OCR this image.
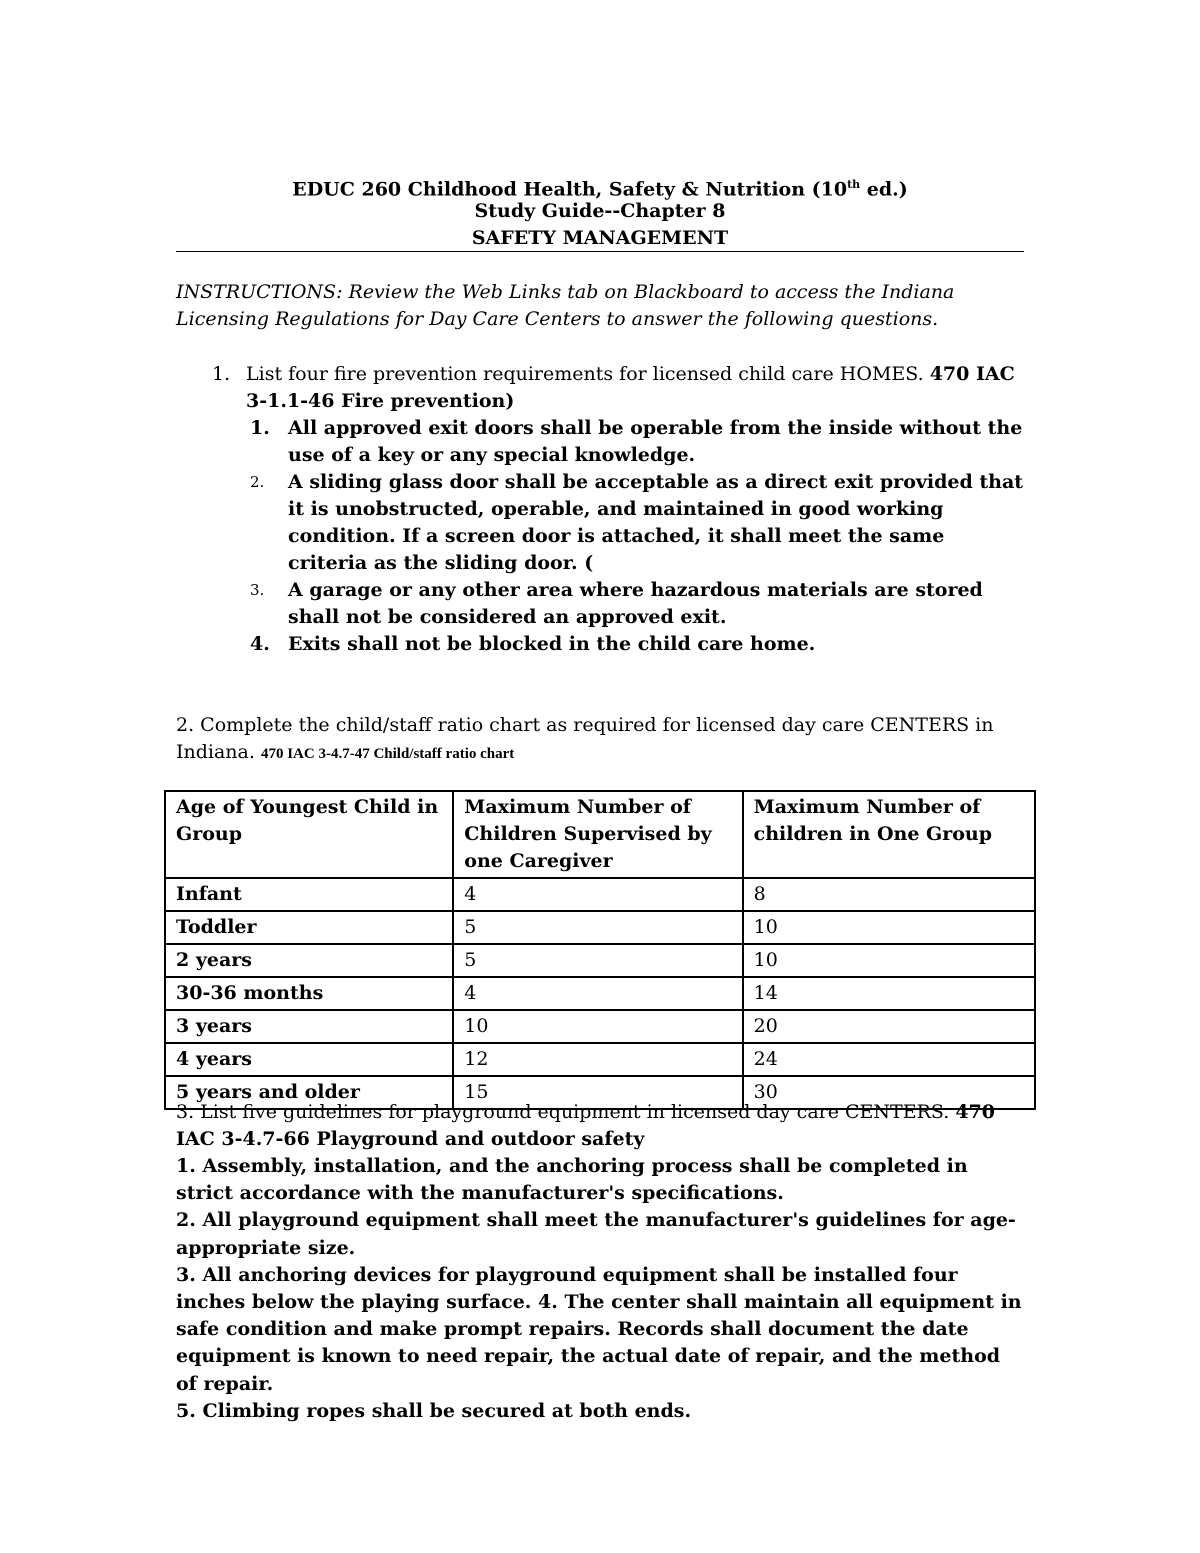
EDUC 260 Childhood Health, Safety & Nutrition (10th ed.)
Study Guide--Chapter 8
SAFETY MANAGEMENT
INSTRUCTIONS: Review the Web Links tab on Blackboard to access the Indiana Licensing Regulations for Day Care Centers to answer the following questions.
1. List four fire prevention requirements for licensed child care HOMES. 470 IAC 3-1.1-46 Fire prevention)
1. All approved exit doors shall be operable from the inside without the use of a key or any special knowledge.
2.	A sliding glass door shall be acceptable as a direct exit provided that it is unobstructed, operable, and maintained in good working condition. If a screen door is attached, it shall meet the same criteria as the sliding door. (
3.	A garage or any other area where hazardous materials are stored shall not be considered an approved exit.
4. Exits shall not be blocked in the child care home.
2. Complete the child/staff ratio chart as required for licensed day care CENTERS in Indiana. 470 IAC 3-4.7-47 Child/staff ratio chart
Age of Youngest Child in Group	Maximum Number of Children Supervised by one Caregiver	Maximum Number of children in One Group
Infant	4	8
Toddler	5	10
2 years	5	10
30-36 months	4	14
3 years	10	20
4 years	12	24
5 years and older	15	30
3. List five guidelines for playground equipment in licensed day care CENTERS. 470 IAC 3-4.7-66 Playground and outdoor safety
1. Assembly, installation, and the anchoring process shall be completed in strict accordance with the manufacturer's specifications.
2. All playground equipment shall meet the manufacturer's guidelines for age-appropriate size.
3. All anchoring devices for playground equipment shall be installed four inches below the playing surface. 4. The center shall maintain all equipment in safe condition and make prompt repairs. Records shall document the date equipment is known to need repair, the actual date of repair, and the method of repair.
5. Climbing ropes shall be secured at both ends.
